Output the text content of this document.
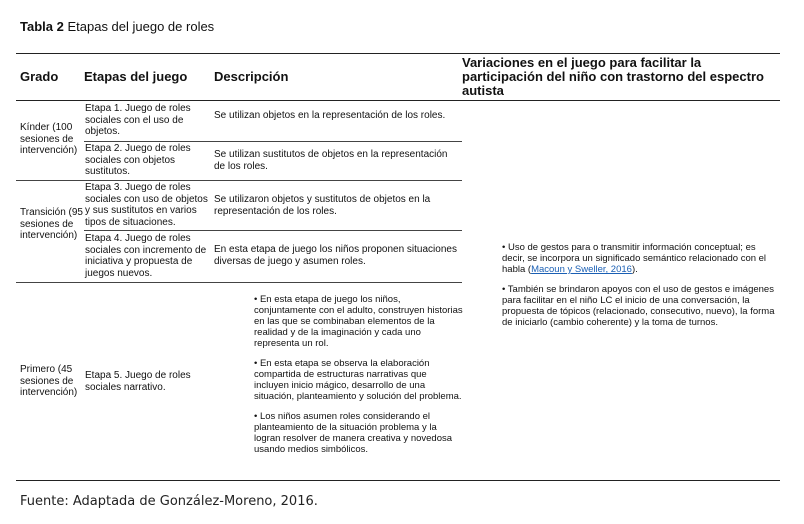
Tabla 2 Etapas del juego de roles
Grado Etapas del juego Descripción
Variaciones en el juego para facilitar la participación del niño con trastorno del espectro autista
Kínder (100 sesiones de intervención)
Etapa 1. Juego de roles sociales con el uso de objetos.
Se utilizan objetos en la representación de los roles.
Etapa 2. Juego de roles sociales con objetos sustitutos.
Se utilizan sustitutos de objetos en la representación de los roles.
Transición (95 sesiones de intervención)
Etapa 3. Juego de roles sociales con uso de objetos y sus sustitutos en varios tipos de situaciones.
Se utilizaron objetos y sustitutos de objetos en la representación de los roles.
Etapa 4. Juego de roles sociales con incremento de iniciativa y propuesta de juegos nuevos.
En esta etapa de juego los niños proponen situaciones diversas de juego y asumen roles.
Primero (45 sesiones de intervención)
Etapa 5. Juego de roles sociales narrativo.
• En esta etapa de juego los niños, conjuntamente con el adulto, construyen historias en las que se combinaban elementos de la realidad y de la imaginación y cada uno representa un rol.
• En esta etapa se observa la elaboración compartida de estructuras narrativas que incluyen inicio mágico, desarrollo de una situación, planteamiento y solución del problema.
• Los niños asumen roles considerando el planteamiento de la situación problema y la logran resolver de manera creativa y novedosa usando medios simbólicos.
• Uso de gestos para o transmitir información conceptual; es decir, se incorpora un significado semántico relacionado con el habla (Macoun y Sweller, 2016).
• También se brindaron apoyos con el uso de gestos e imágenes para facilitar en el niño LC el inicio de una conversación, la propuesta de tópicos (relacionado, consecutivo, nuevo), la forma de iniciarlo (cambio coherente) y la toma de turnos.
Fuente: Adaptada de González-Moreno, 2016.
